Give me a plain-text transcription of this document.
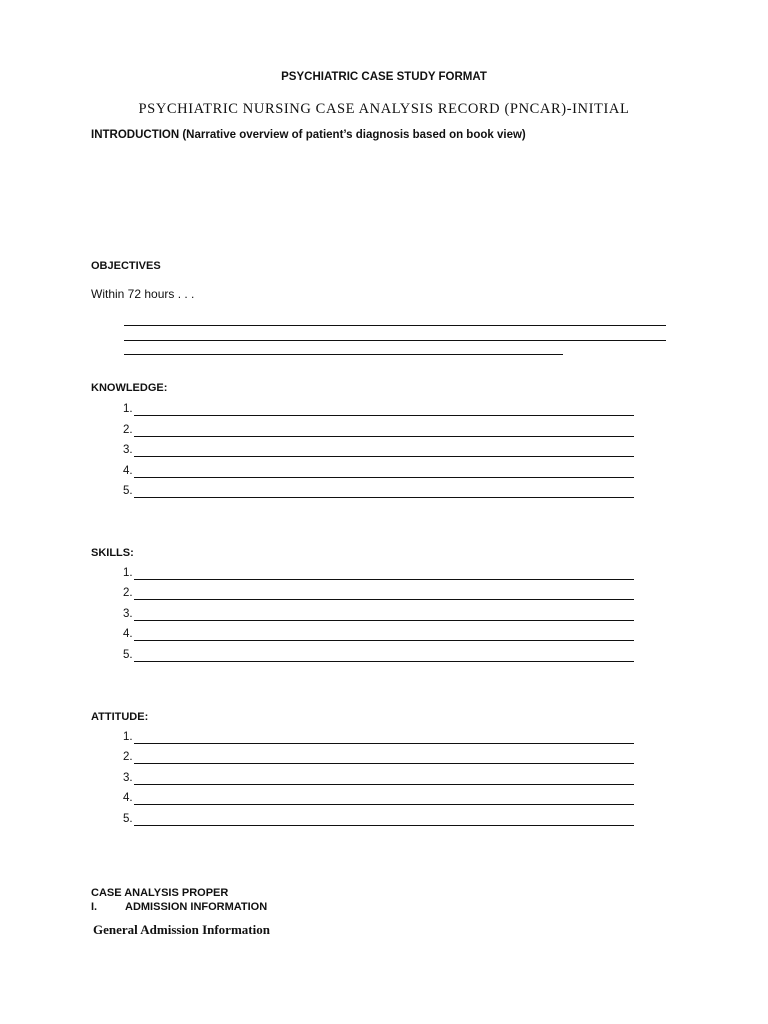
PSYCHIATRIC CASE STUDY FORMAT
PSYCHIATRIC NURSING CASE ANALYSIS RECORD (PNCAR)-INITIAL
INTRODUCTION (Narrative overview of patient’s diagnosis based on book view)
OBJECTIVES
Within 72 hours . . .
KNOWLEDGE:
1.
2.
3.
4.
5.
SKILLS:
1.
2.
3.
4.
5.
ATTITUDE:
1.
2.
3.
4.
5.
CASE ANALYSIS PROPER
I.	ADMISSION INFORMATION
General Admission Information
